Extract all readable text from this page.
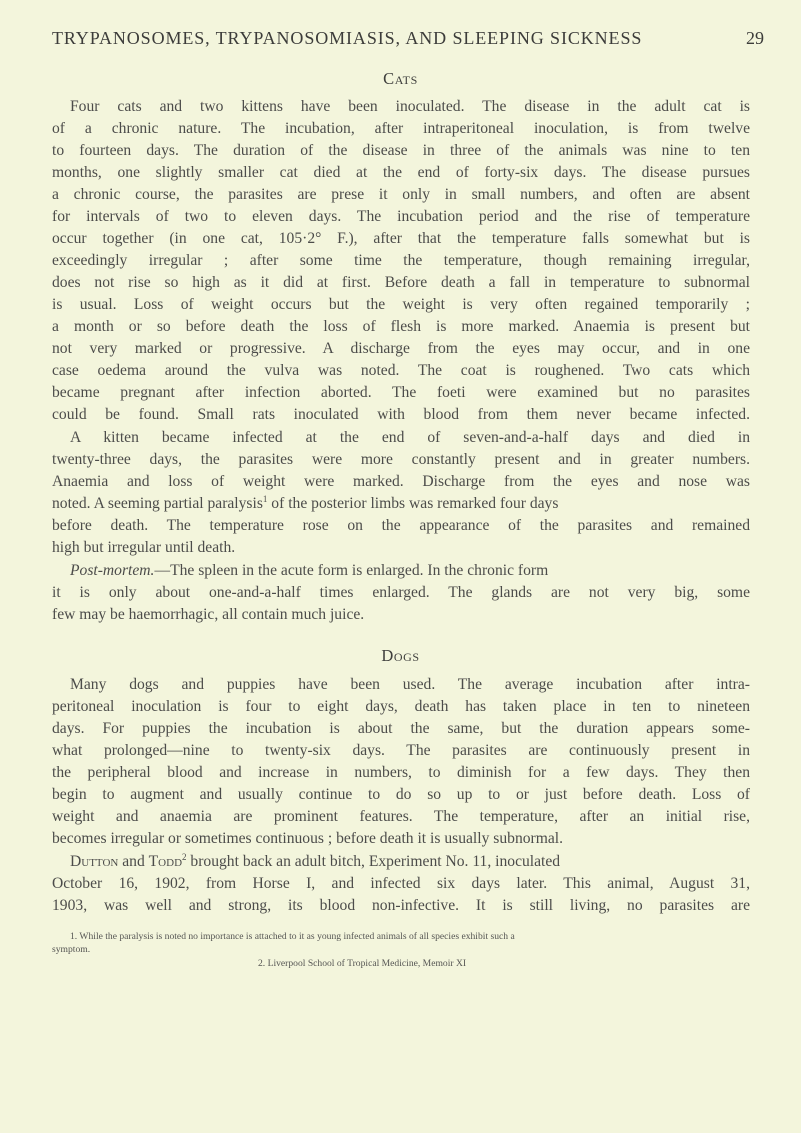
TRYPANOSOMES, TRYPANOSOMIASIS, AND SLEEPING SICKNESS	29
Cats
Four cats and two kittens have been inoculated. The disease in the adult cat is
of a chronic nature. The incubation, after intraperitoneal inoculation, is from twelve
to fourteen days. The duration of the disease in three of the animals was nine to ten
months, one slightly smaller cat died at the end of forty-six days. The disease pursues
a chronic course, the parasites are prese it only in small numbers, and often are absent
for intervals of two to eleven days. The incubation period and the rise of temperature
occur together (in one cat, 105·2° F.), after that the temperature falls somewhat but is
exceedingly irregular ; after some time the temperature, though remaining irregular,
does not rise so high as it did at first. Before death a fall in temperature to subnormal
is usual. Loss of weight occurs but the weight is very often regained temporarily ;
a month or so before death the loss of flesh is more marked. Anaemia is present but
not very marked or progressive. A discharge from the eyes may occur, and in one
case oedema around the vulva was noted. The coat is roughened. Two cats which
became pregnant after infection aborted. The foeti were examined but no parasites
could be found. Small rats inoculated with blood from them never became infected.
A kitten became infected at the end of seven-and-a-half days and died in
twenty-three days, the parasites were more constantly present and in greater numbers.
Anaemia and loss of weight were marked. Discharge from the eyes and nose was
noted. A seeming partial paralysis$^1$ of the posterior limbs was remarked four days
before death. The temperature rose on the appearance of the parasites and remained
high but irregular until death.
Post-mortem.—The spleen in the acute form is enlarged. In the chronic form
it is only about one-and-a-half times enlarged. The glands are not very big, some
few may be haemorrhagic, all contain much juice.
Dogs
Many dogs and puppies have been used. The average incubation after intra-
peritoneal inoculation is four to eight days, death has taken place in ten to nineteen
days. For puppies the incubation is about the same, but the duration appears some-
what prolonged—nine to twenty-six days. The parasites are continuously present in
the peripheral blood and increase in numbers, to diminish for a few days. They then
begin to augment and usually continue to do so up to or just before death. Loss of
weight and anaemia are prominent features. The temperature, after an initial rise,
becomes irregular or sometimes continuous ; before death it is usually subnormal.
Dutton and Todd$^2$ brought back an adult bitch, Experiment No. 11, inoculated
October 16, 1902, from Horse I, and infected six days later. This animal, August 31,
1903, was well and strong, its blood non-infective. It is still living, no parasites are
1. While the paralysis is noted no importance is attached to it as young infected animals of all species exhibit such a
symptom.
2. Liverpool School of Tropical Medicine, Memoir XI
